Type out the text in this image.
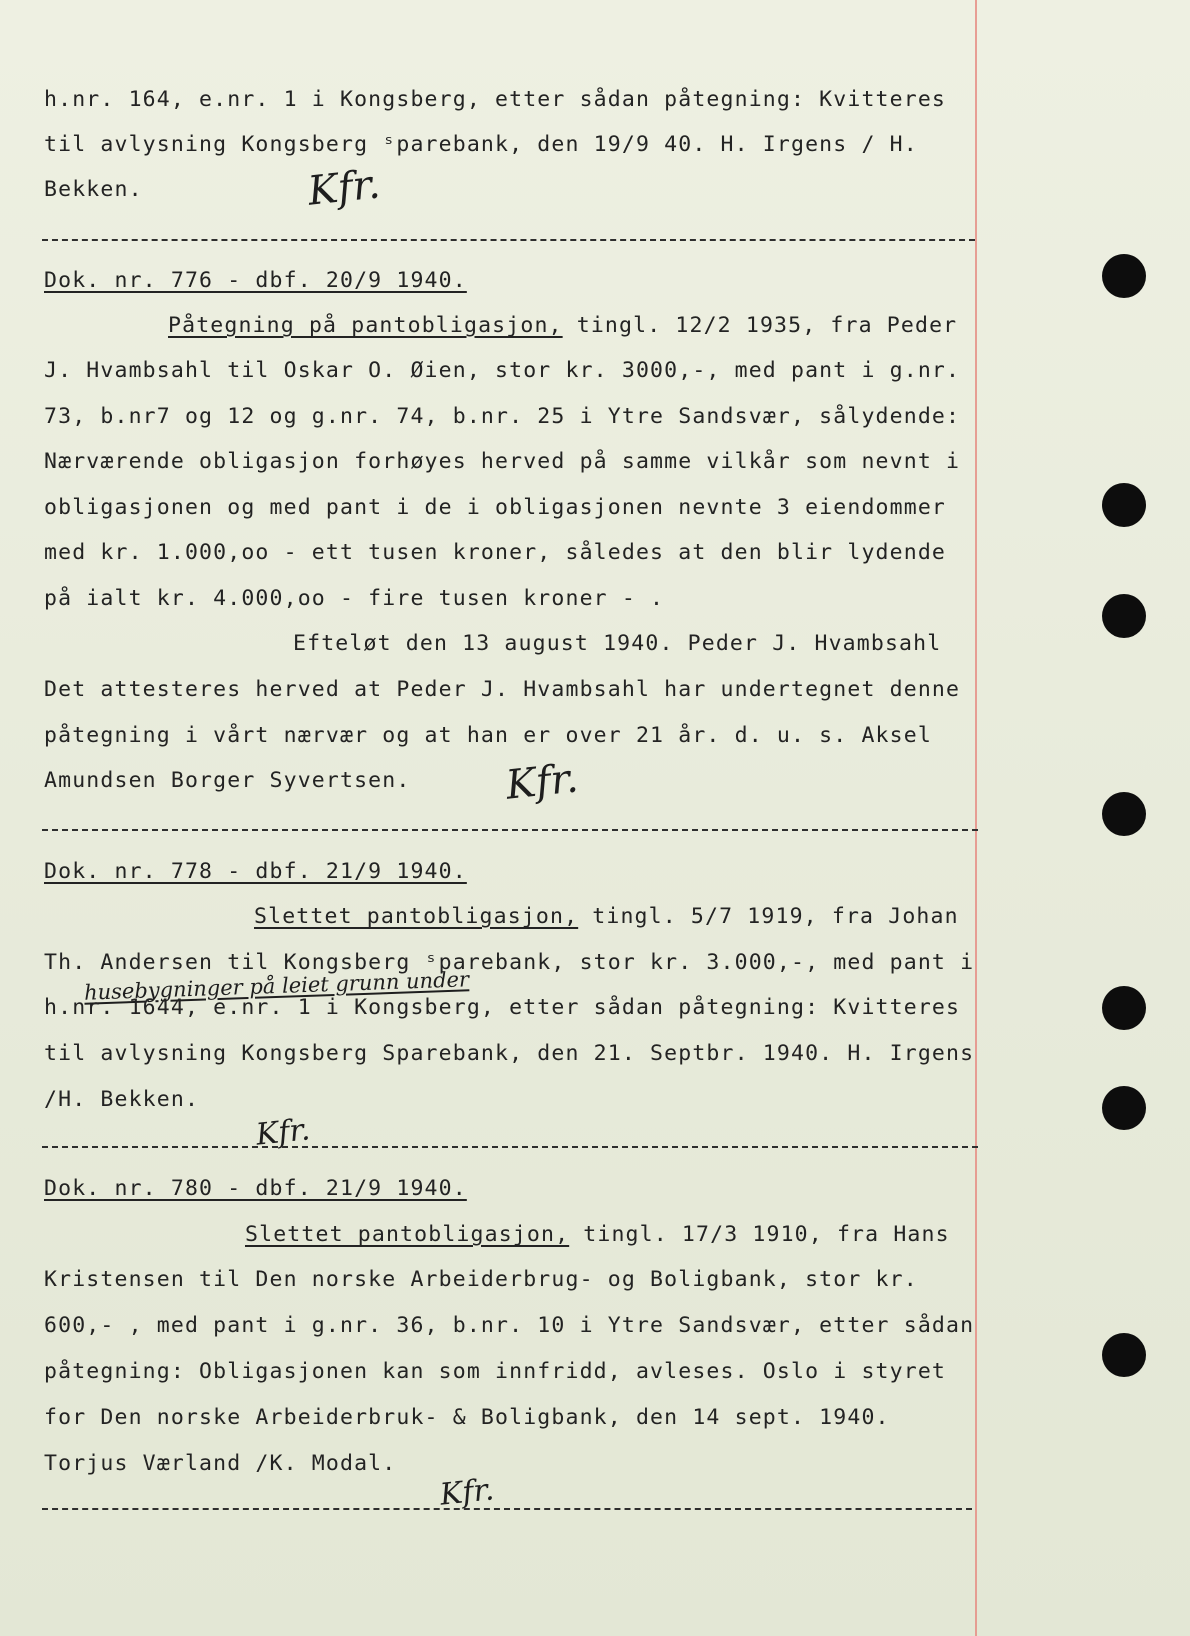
h.nr. 164, e.nr. 1 i Kongsberg, etter sådan påtegning: Kvitteres
til avlysning Kongsberg ˢparebank, den 19/9 40. H. Irgens / H.
Bekken.	Kfr.
Dok. nr. 776 - dbf. 20/9 1940.
Påtegning på pantobligasjon, tingl. 12/2 1935, fra Peder
J. Hvambsahl til Oskar O. Øien, stor kr. 3000,-, med pant i g.nr.
73, b.nr7 og 12 og g.nr. 74, b.nr. 25 i Ytre Sandsvær, sålydende:
Nærværende obligasjon forhøyes herved på samme vilkår som nevnt i
obligasjonen og med pant i de i obligasjonen nevnte 3 eiendommer
med kr. 1.000,oo - ett tusen kroner, således at den blir lydende
på ialt kr. 4.000,oo - fire tusen kroner - .
Efteløt den 13 august 1940. Peder J. Hvambsahl
Det attesteres herved at Peder J. Hvambsahl har undertegnet denne
påtegning i vårt nærvær og at han er over 21 år. d. u. s. Aksel
Amundsen Borger Syvertsen. Kfr.
Dok. nr. 778 - dbf. 21/9 1940.
Slettet pantobligasjon, tingl. 5/7 1919, fra Johan
Th. Andersen til Kongsberg ˢparebank, stor kr. 3.000,-, med pant i
husebygninger på leiet grunn under
h.nr. 1644, e.nr. 1 i Kongsberg, etter sådan påtegning: Kvitteres
til avlysning Kongsberg Sparebank, den 21. Septbr. 1940. H. Irgens
/H. Bekken.
Kfr.
Dok. nr. 780 - dbf. 21/9 1940.
Slettet pantobligasjon, tingl. 17/3 1910, fra Hans
Kristensen til Den norske Arbeiderbrug- og Boligbank, stor kr.
600,- , med pant i g.nr. 36, b.nr. 10 i Ytre Sandsvær, etter sådan
påtegning: Obligasjonen kan som innfridd, avleses. Oslo i styret
for Den norske Arbeiderbruk- & Boligbank, den 14 sept. 1940.
Torjus Værland /K. Modal.
Kfr.
